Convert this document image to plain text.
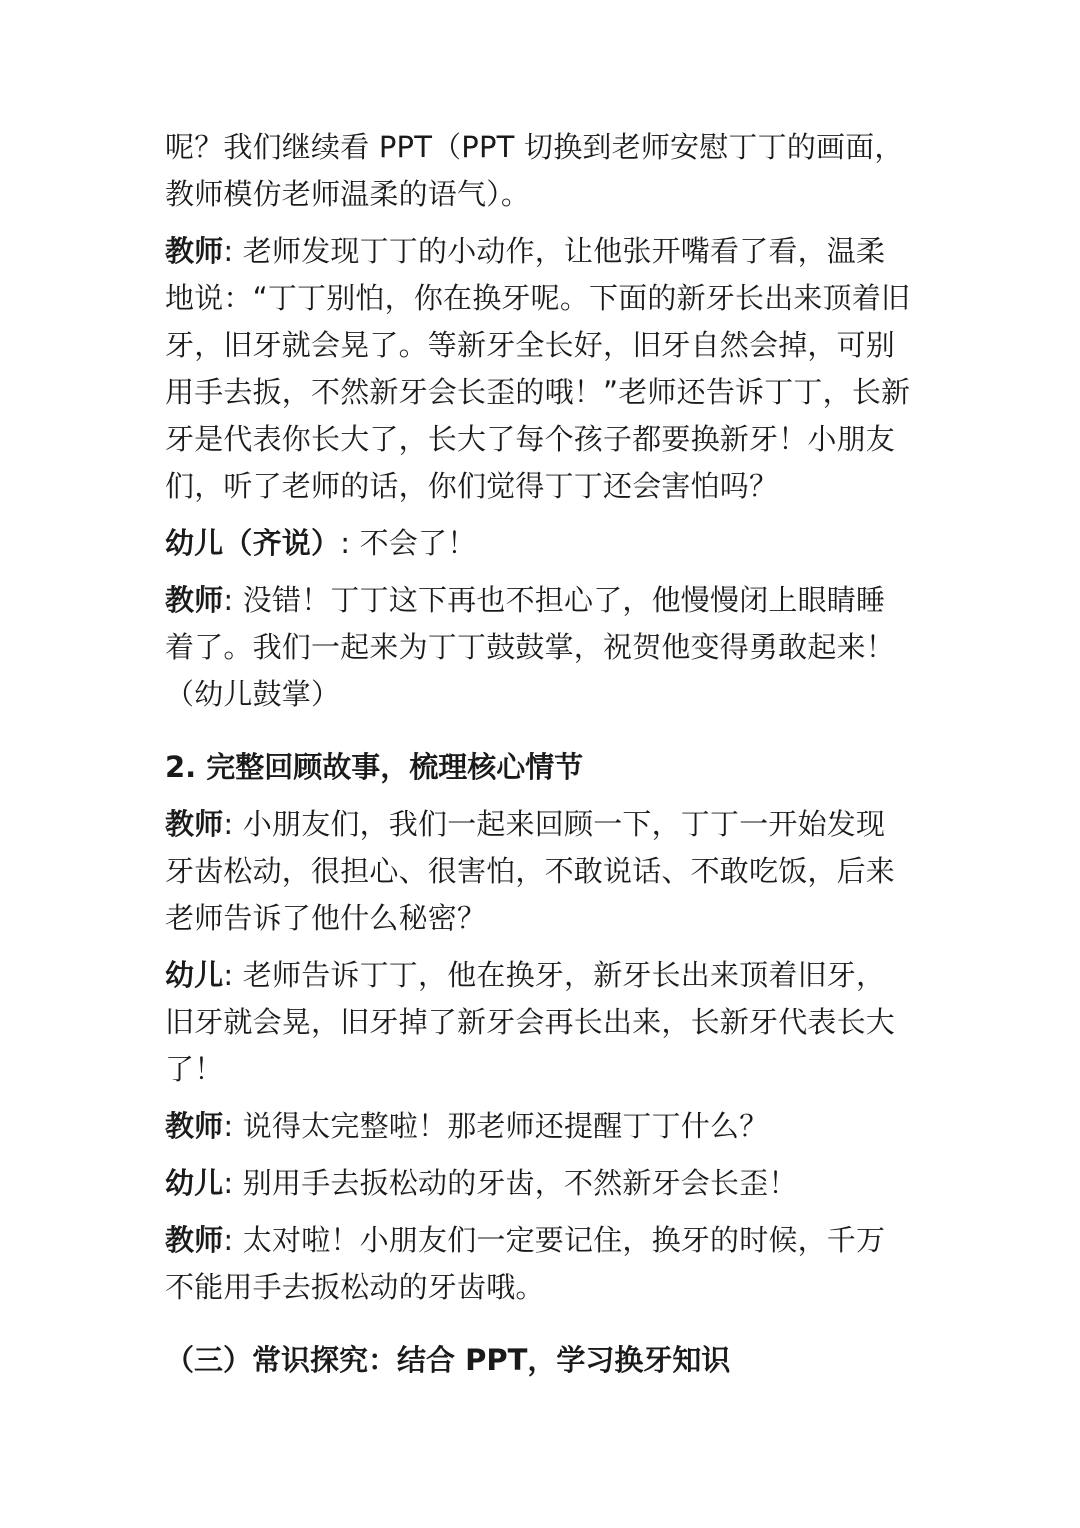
呢？我们继续看 PPT（PPT 切换到老师安慰丁丁的画面，
教师模仿老师温柔的语气）。
教师: 老师发现丁丁的小动作，让他张开嘴看了看，温柔
地说：“丁丁别怕，你在换牙呢。下面的新牙长出来顶着旧
牙，旧牙就会晃了。等新牙全长好，旧牙自然会掉，可别
用手去扳，不然新牙会长歪的哦！”老师还告诉丁丁，长新
牙是代表你长大了，长大了每个孩子都要换新牙！小朋友
们，听了老师的话，你们觉得丁丁还会害怕吗？
幼儿（齐说）: 不会了！
教师: 没错！丁丁这下再也不担心了，他慢慢闭上眼睛睡
着了。我们一起来为丁丁鼓鼓掌，祝贺他变得勇敢起来！
（幼儿鼓掌）
2. 完整回顾故事，梳理核心情节
教师: 小朋友们，我们一起来回顾一下，丁丁一开始发现
牙齿松动，很担心、很害怕，不敢说话、不敢吃饭，后来
老师告诉了他什么秘密？
幼儿: 老师告诉丁丁，他在换牙，新牙长出来顶着旧牙，
旧牙就会晃，旧牙掉了新牙会再长出来，长新牙代表长大
了！
教师: 说得太完整啦！那老师还提醒丁丁什么？
幼儿: 别用手去扳松动的牙齿，不然新牙会长歪！
教师: 太对啦！小朋友们一定要记住，换牙的时候，千万
不能用手去扳松动的牙齿哦。
（三）常识探究：结合 PPT，学习换牙知识
